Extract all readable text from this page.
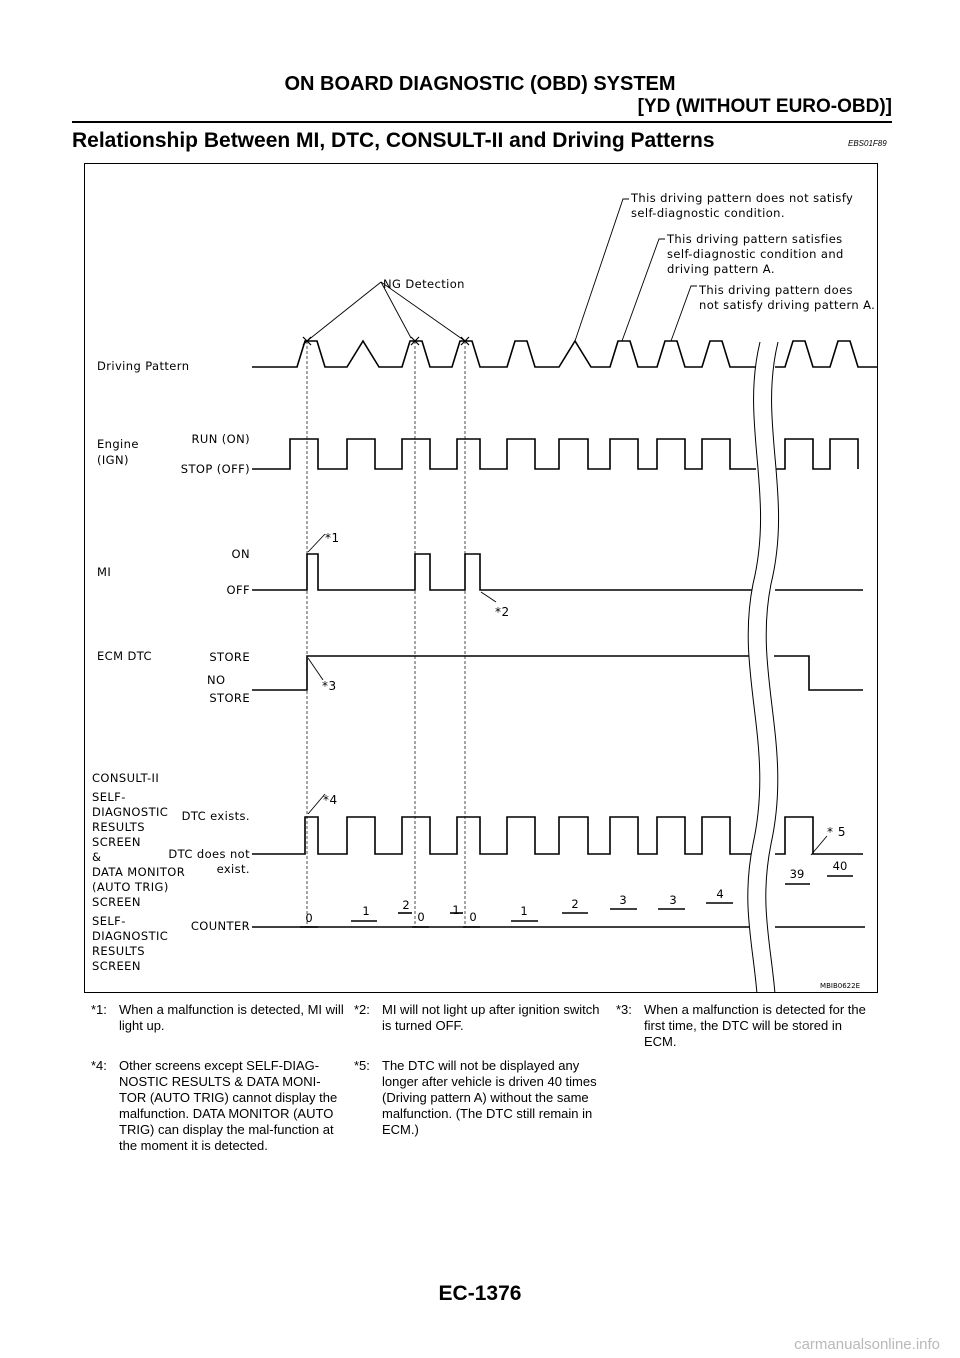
ON BOARD DIAGNOSTIC (OBD) SYSTEM
[YD (WITHOUT EURO-OBD)]
Relationship Between MI, DTC, CONSULT-II and Driving Patterns	EBS01F89
This driving pattern does not satisfy
self-diagnostic condition.
This driving pattern satisfies
self-diagnostic condition and
driving pattern A.
This driving pattern does
not satisfy driving pattern A.
NG Detection
Driving Pattern
Engine
(IGN)
RUN (ON)
STOP (OFF)
MI
ON
OFF
ECM DTC	STORE
NO
STORE
CONSULT-II
SELF-
DIAGNOSTIC
RESULTS
SCREEN
&
DATA MONITOR
(AUTO TRIG)
SCREEN
DTC exists.
DTC does not
exist.
SELF-
DIAGNOSTIC
RESULTS
SCREEN
COUNTER
*1
*2
*3
*4
* 5
0	1	2
0 1 0	1	2	3	3	4
39
40
MBIB0622E
*1: When a malfunction is detected, MI will light up.
*2: MI will not light up after ignition switch is turned OFF.
*3: When a malfunction is detected for the first time, the DTC will be stored in ECM.
*4: Other screens except SELF-DIAG-NOSTIC RESULTS & DATA MONI-TOR (AUTO TRIG) cannot display the malfunction. DATA MONITOR (AUTO TRIG) can display the mal-function at the moment it is detected.
*5: The DTC will not be displayed any longer after vehicle is driven 40 times (Driving pattern A) without the same malfunction. (The DTC still remain in ECM.)
EC-1376
carmanualsonline.info
